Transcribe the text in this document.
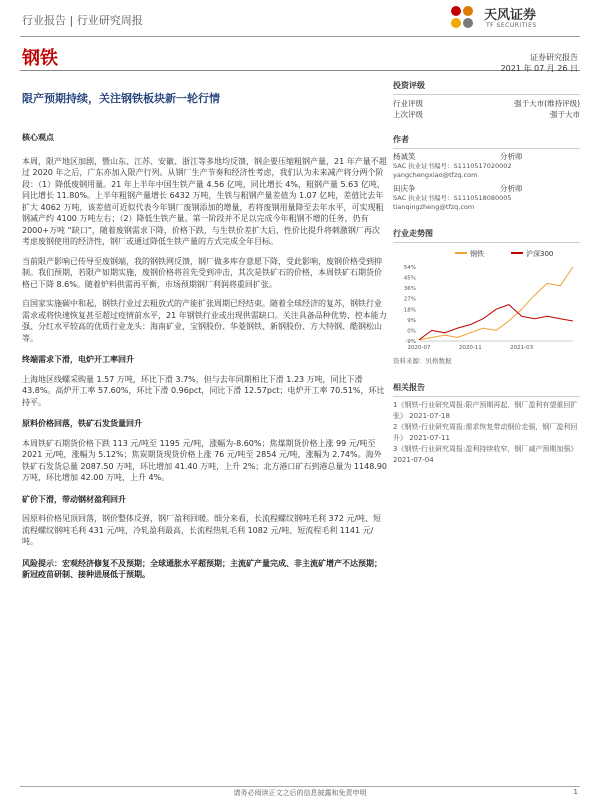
行业报告 | 行业研究周报	天风证券
TF SECURITIES
钢铁	证券研究报告
2021 年 07 月 26 日
限产预期持续，关注钢铁板块新一轮行情

核心观点

本周，限产地区加剧，暨山东、江苏、安徽、浙江等多地均反馈，钢企要压缩粗钢产量，21 年产量不超过 2020 年之后，广东亦加入限产行列。从钢厂生产节奏和经济性考虑，我们认为未来减产将分两个阶段：（1）降低废钢用量。21 年上半年中国生铁产量 4.56 亿吨，同比增长 4%，粗钢产量 5.63 亿吨，同比增长 11.80%。上半年粗钢产量增长 6432 万吨，生铁与粗钢产量差值为 1.07 亿吨，差值比去年扩大 4062 万吨，该差值可近似代表今年钢厂废钢添加的增量，若将废钢用量降至去年水平，可实现粗钢减产约 4100 万吨左右；（2）降低生铁产量。第一阶段并不足以完成今年粗钢不增的任务，仍有 2000+万吨 “缺口”，随着废钢需求下降，价格下跌，与生铁价差扩大后，性价比提升将刺激钢厂再次考虑废钢使用的经济性，钢厂或通过降低生铁产量的方式完成全年目标。

当前限产影响已传导至废钢端，我的钢铁网反馈，钢厂做多库存意愿下降，受此影响，废钢价格受到抑制。我们预期，若限产如期实施，废钢价格将首先受到冲击，其次是铁矿石的价格，本周铁矿石期货价格已下降 8.6%。随着炉料供需再平衡，市场预期钢厂利润将重回扩张。

自国家实施碳中和起，钢铁行业过去粗放式的产能扩张周期已经结束。随着全球经济的复苏，钢铁行业需求或将快速恢复甚至超过疫情前水平，21 年钢铁行业或出现供需缺口。关注具备品种优势、控本能力强、分红水平较高的优质行业龙头：海南矿业，宝钢股份、华菱钢铁、新钢股份、方大特钢、酷钢松山等。

终端需求下滑，电炉开工率回升

上海地区线螺采购量 1.57 万吨，环比下滑 3.7%，但与去年同期相比下滑 1.23 万吨，同比下滑 43.8%。高炉开工率 57.60%，环比下滑 0.96pct，同比下滑 12.57pct；电炉开工率 70.51%，环比持平。

原料价格回落，铁矿石发货量回升

本周铁矿石期货价格下跌 113 元/吨至 1195 元/吨，涨幅为-8.60%；焦煤期货价格上涨 99 元/吨至 2021 元/吨，涨幅为 5.12%；焦炭期货现货价格上涨 76 元/吨至 2854 元/吨，涨幅为 2.74%。海外铁矿石发货总量 2087.50 万吨，环比增加 41.40 万吨，上升 2%；北方港口矿石到港总量为 1148.90 万吨，环比增加 42.00 万吨，上升 4%。

矿价下滑，带动钢材盈利回升

因原料价格见顶回落，钢价整体反弹，钢厂盈利回暖。细分来看，长流程螺纹钢吨毛利 372 元/吨、短流程螺纹钢吨毛利 431 元/吨，冷轧盈利最高，长流程热轧毛利 1082 元/吨、短流程毛利 1141 元/吨。

风险提示：宏观经济修复不及预期；全球通胀水平超预期；主流矿产量完成、非主流矿增产不达预期；新冠疫苗研制、接种进展低于预期。

投资评级
行业评级	强于大市(维持评级)
上次评级	强于大市
作者
杨诚笑	分析师
SAC 执业证书编号：S1110517020002
yangchengxiao@tfzq.com
田庆争	分析师
SAC 执业证书编号：S1110518080005
tianqingzheng@tfzq.com
行业走势图
钢铁	沪深300
54%
45%
36%
27%
18%
9%
0%
-9%
2020-07	2020-11	2021-03
资料来源：贝格数据
相关报告
1《钢铁-行业研究周报:限产预期再起，钢厂盈利有望重回扩张》 2021-07-18
2《钢铁-行业研究周报:需求恢复带动钢价走强，钢厂盈利回升》 2021-07-11
3《钢铁-行业研究周报:盈利持续收窄，钢厂减产预期加强》 2021-07-04
请务必阅读正文之后的信息披露和免责申明	1
